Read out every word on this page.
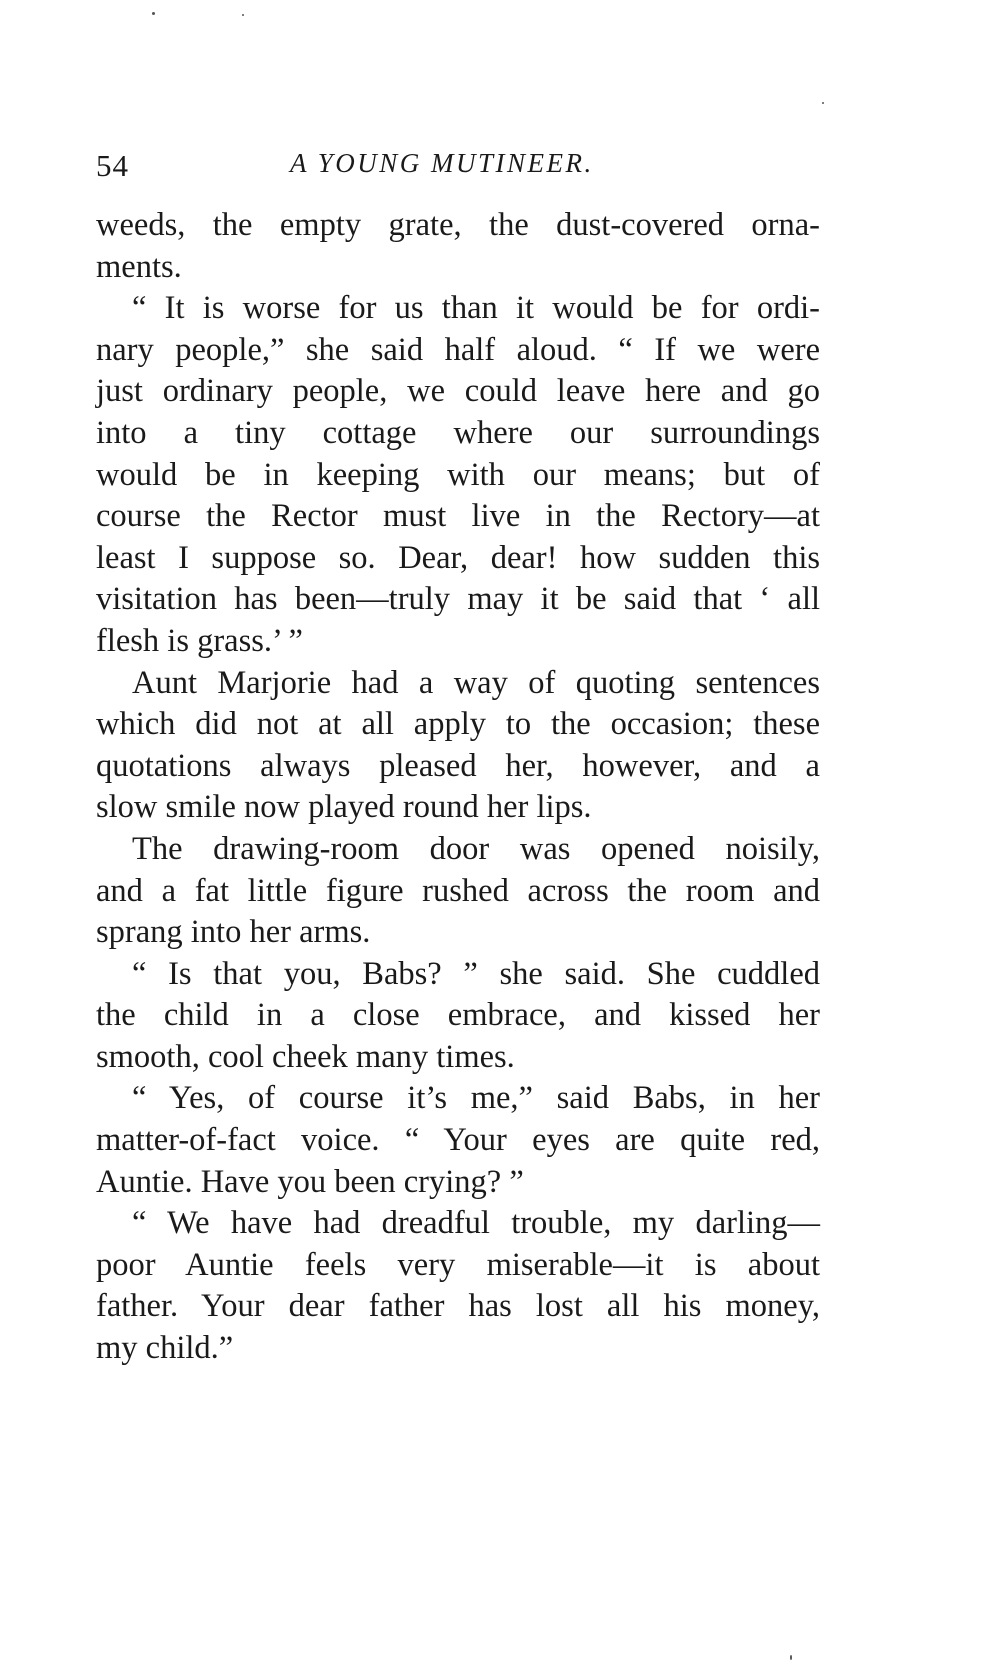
54	A YOUNG MUTINEER.
weeds, the empty grate, the dust-covered orna-
ments.
“ It is worse for us than it would be for ordi-
nary people,” she said half aloud. “ If we were
just ordinary people, we could leave here and go
into a tiny cottage where our surroundings
would be in keeping with our means; but of
course the Rector must live in the Rectory—at
least I suppose so. Dear, dear! how sudden this
visitation has been—truly may it be said that ‘ all
flesh is grass.’ ”
Aunt Marjorie had a way of quoting sentences
which did not at all apply to the occasion; these
quotations always pleased her, however, and a
slow smile now played round her lips.
The drawing-room door was opened noisily,
and a fat little figure rushed across the room and
sprang into her arms.
“ Is that you, Babs? ” she said. She cuddled
the child in a close embrace, and kissed her
smooth, cool cheek many times.
“ Yes, of course it’s me,” said Babs, in her
matter-of-fact voice. “ Your eyes are quite red,
Auntie. Have you been crying? ”
“ We have had dreadful trouble, my darling—
poor Auntie feels very miserable—it is about
father. Your dear father has lost all his money,
my child.”
